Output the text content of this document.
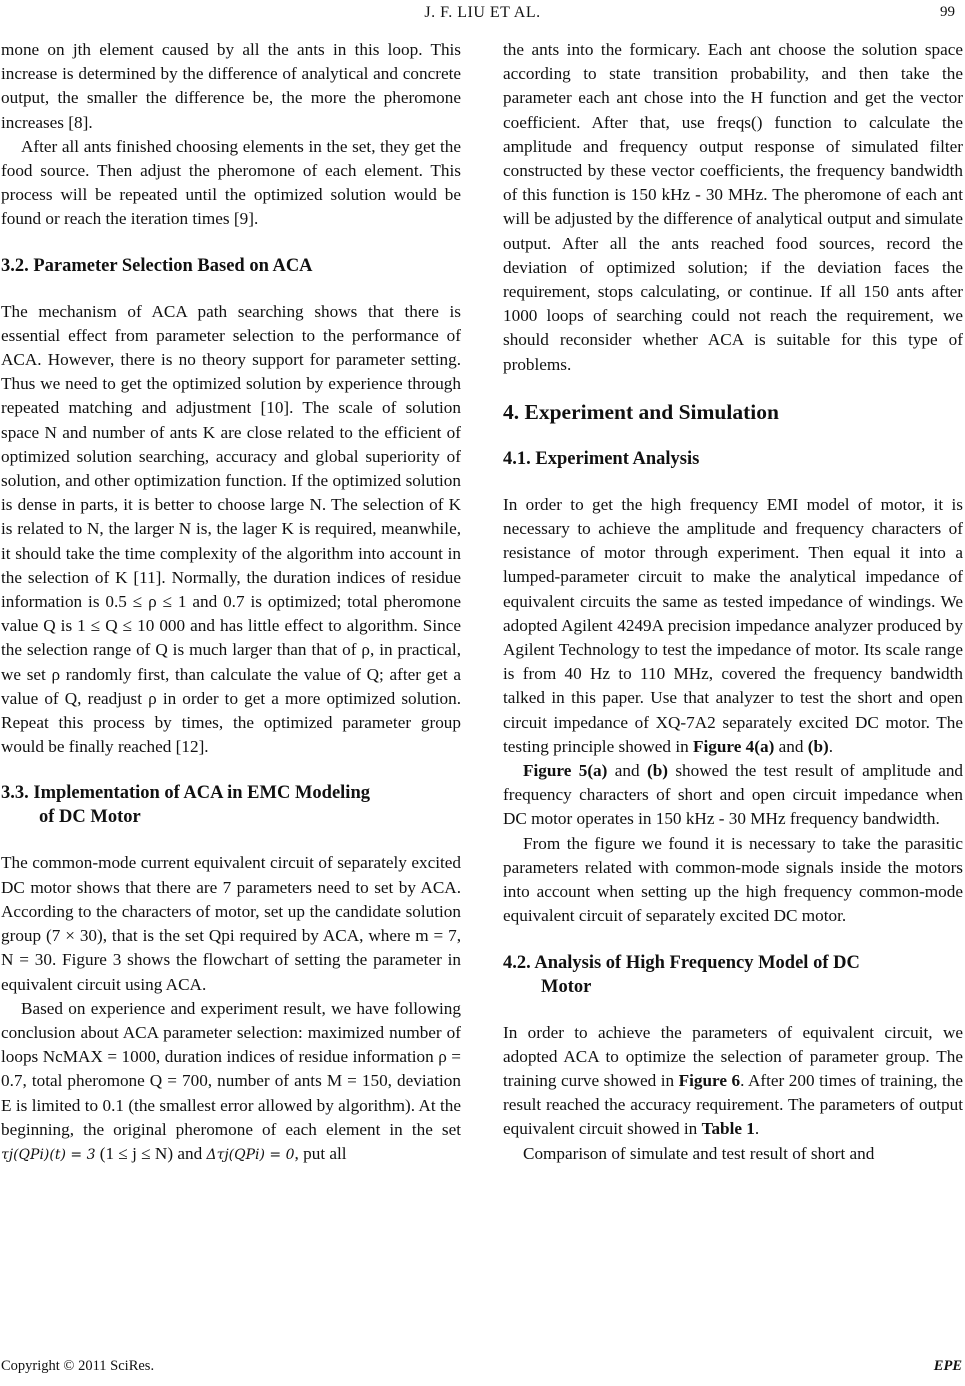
J. F. LIU ET AL.	99

mone on jth element caused by all the ants in this loop. This increase is determined by the difference of analytical and concrete output, the smaller the difference be, the more the pheromone increases [8].

After all ants finished choosing elements in the set, they get the food source. Then adjust the pheromone of each element. This process will be repeated until the optimized solution would be found or reach the iteration times [9].

3.2. Parameter Selection Based on ACA

The mechanism of ACA path searching shows that there is essential effect from parameter selection to the performance of ACA. However, there is no theory support for parameter setting. Thus we need to get the optimized solution by experience through repeated matching and adjustment [10]. The scale of solution space N and number of ants K are close related to the efficient of optimized solution searching, accuracy and global superiority of solution, and other optimization function. If the optimized solution is dense in parts, it is better to choose large N. The selection of K is related to N, the larger N is, the lager K is required, meanwhile, it should take the time complexity of the algorithm into account in the selection of K [11]. Normally, the duration indices of residue information is 0.5 ≤ ρ ≤ 1 and 0.7 is optimized; total pheromone value Q is 1 ≤ Q ≤ 10 000 and has little effect to algorithm. Since the selection range of Q is much larger than that of ρ, in practical, we set ρ randomly first, than calculate the value of Q; after get a value of Q, readjust ρ in order to get a more optimized solution. Repeat this process by times, the optimized parameter group would be finally reached [12].

3.3. Implementation of ACA in EMC Modeling
of DC Motor

The common-mode current equivalent circuit of separately excited DC motor shows that there are 7 parameters need to set by ACA. According to the characters of motor, set up the candidate solution group (7 × 30), that is the set Qpi required by ACA, where m = 7, N = 30. Figure 3 shows the flowchart of setting the parameter in equivalent circuit using ACA.

Based on experience and experiment result, we have following conclusion about ACA parameter selection: maximized number of loops NcMAX = 1000, duration indices of residue information ρ = 0.7, total pheromone Q = 700, number of ants M = 150, deviation E is limited to 0.1 (the smallest error allowed by algorithm). At the beginning, the original pheromone of each element in the set τj(QPi)(t) = 3 (1 ≤ j ≤ N) and Δτj(QPi) = 0, put all

the ants into the formicary. Each ant choose the solution space according to state transition probability, and then take the parameter each ant chose into the H function and get the vector coefficient. After that, use freqs() function to calculate the amplitude and frequency output response of simulated filter constructed by these vector coefficients, the frequency bandwidth of this function is 150 kHz - 30 MHz. The pheromone of each ant will be adjusted by the difference of analytical output and simulate output. After all the ants reached food sources, record the deviation of optimized solution; if the deviation faces the requirement, stops calculating, or continue. If all 150 ants after 1000 loops of searching could not reach the requirement, we should reconsider whether ACA is suitable for this type of problems.

4. Experiment and Simulation
4.1. Experiment Analysis

In order to get the high frequency EMI model of motor, it is necessary to achieve the amplitude and frequency characters of resistance of motor through experiment. Then equal it into a lumped-parameter circuit to make the analytical impedance of equivalent circuits the same as tested impedance of windings. We adopted Agilent 4249A precision impedance analyzer produced by Agilent Technology to test the impedance of motor. Its scale range is from 40 Hz to 110 MHz, covered the frequency bandwidth talked in this paper. Use that analyzer to test the short and open circuit impedance of XQ-7A2 separately excited DC motor. The testing principle showed in Figure 4(a) and (b).

Figure 5(a) and (b) showed the test result of amplitude and frequency characters of short and open circuit impedance when DC motor operates in 150 kHz - 30 MHz frequency bandwidth.

From the figure we found it is necessary to take the parasitic parameters related with common-mode signals inside the motors into account when setting up the high frequency common-mode equivalent circuit of separately excited DC motor.

4.2. Analysis of High Frequency Model of DC
Motor

In order to achieve the parameters of equivalent circuit, we adopted ACA to optimize the selection of parameter group. The training curve showed in Figure 6. After 200 times of training, the result reached the accuracy requirement. The parameters of output equivalent circuit showed in Table 1.

Comparison of simulate and test result of short and

Copyright © 2011 SciRes.	EPE
